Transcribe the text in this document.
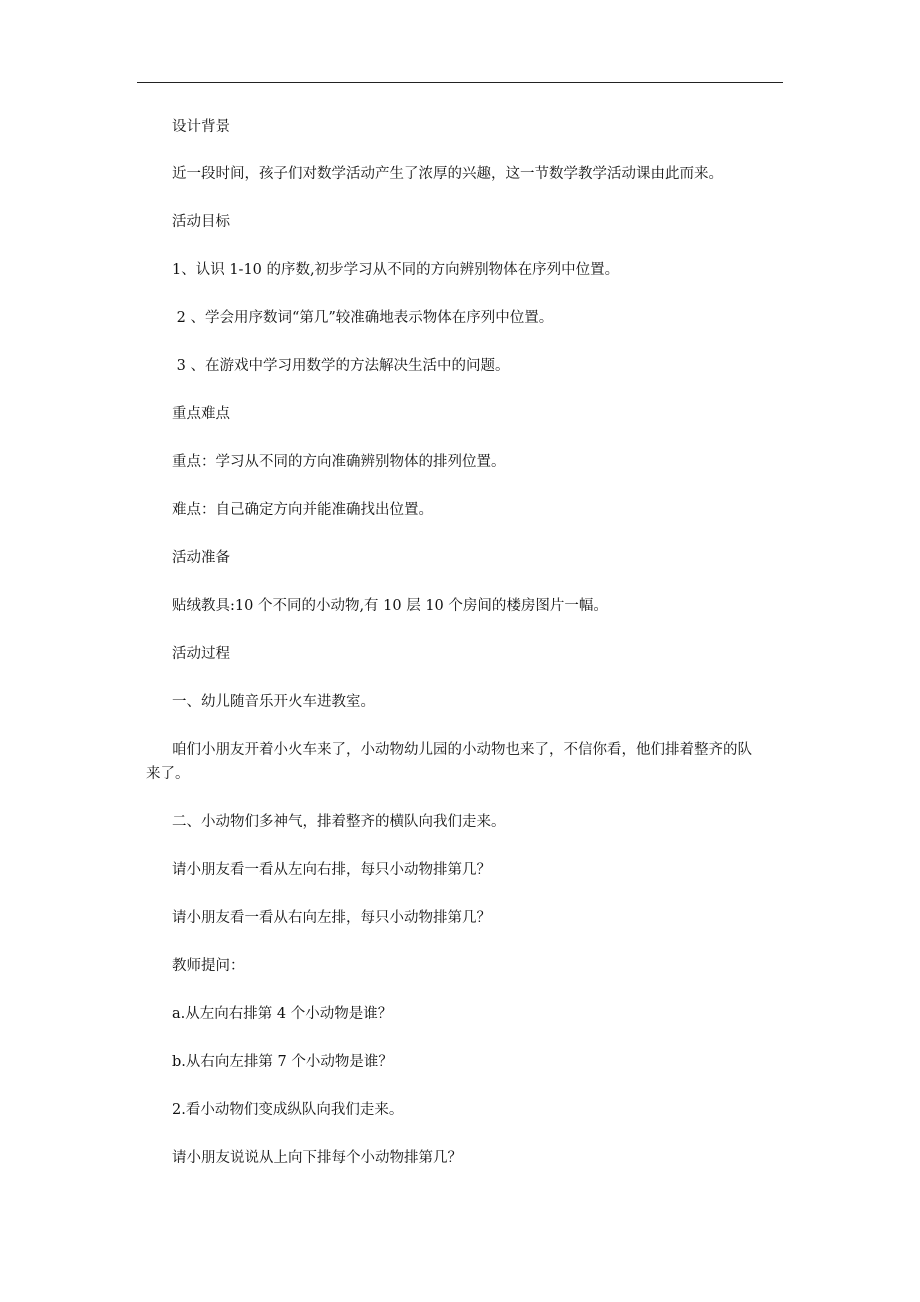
设计背景

近一段时间，孩子们对数学活动产生了浓厚的兴趣，这一节数学教学活动课由此而来。

活动目标

1、认识 1-10 的序数,初步学习从不同的方向辨别物体在序列中位置。

2 、学会用序数词“第几”较准确地表示物体在序列中位置。

3 、在游戏中学习用数学的方法解决生活中的问题。

重点难点

重点：学习从不同的方向准确辨别物体的排列位置。

难点：自己确定方向并能准确找出位置。

活动准备

贴绒教具:10 个不同的小动物,有 10 层 10 个房间的楼房图片一幅。

活动过程

一、幼儿随音乐开火车进教室。

咱们小朋友开着小火车来了，小动物幼儿园的小动物也来了，不信你看，他们排着整齐的队来了。

二、小动物们多神气，排着整齐的横队向我们走来。

请小朋友看一看从左向右排，每只小动物排第几？

请小朋友看一看从右向左排，每只小动物排第几？

教师提问：

a.从左向右排第 4 个小动物是谁？

b.从右向左排第 7 个小动物是谁？

2.看小动物们变成纵队向我们走来。

请小朋友说说从上向下排每个小动物排第几？
